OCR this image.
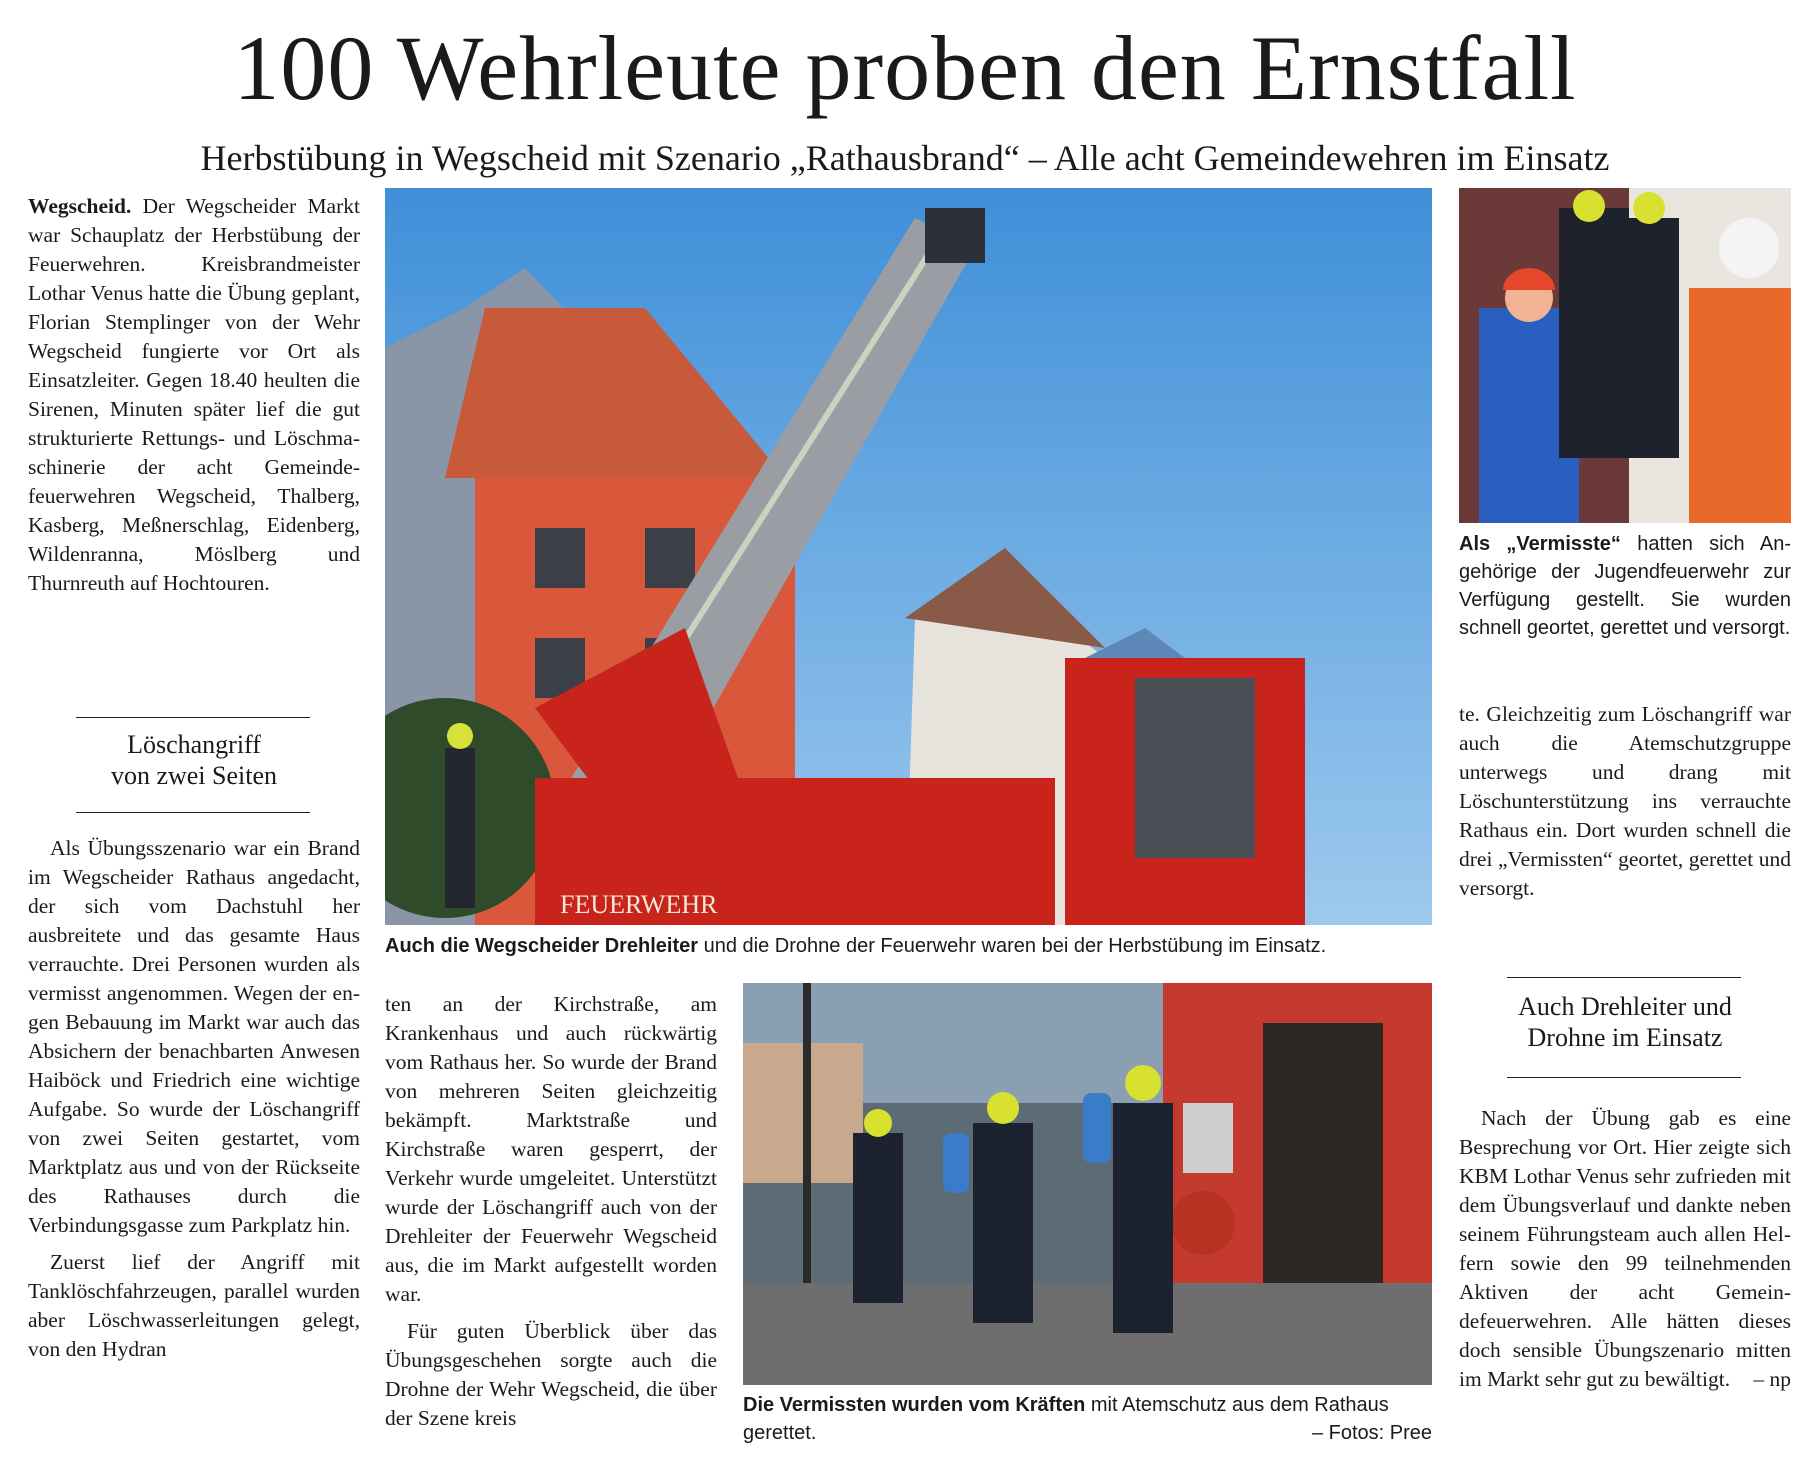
100 Wehrleute proben den Ernstfall
Herbstübung in Wegscheid mit Szenario „Rathausbrand“ – Alle acht Gemeindewehren im Einsatz

Wegscheid. Der Wegscheider Markt war Schauplatz der Herbstübung der Feuerwehren. Kreisbrandmeister Lothar Venus hatte die Übung geplant, Florian Stemplinger von der Wehr Wegscheid fungierte vor Ort als Einsatzleiter. Gegen 18.40 heulten die Sirenen, Minuten später lief die gut strukturierte Rettungs- und Löschmaschinerie der acht Gemeindefeuerwehren Wegscheid, Thalberg, Kasberg, Meßnerschlag, Eidenberg, Wildenranna, Möslberg und Thurnreuth auf Hochtouren.

Löschangriff
von zwei Seiten

Als Übungsszenario war ein Brand im Wegscheider Rathaus angedacht, der sich vom Dachstuhl her ausbreitete und das gesamte Haus verrauchte. Drei Personen wurden als vermisst angenommen. Wegen der engen Bebauung im Markt war auch das Absichern der benachbarten Anwesen Haiböck und Friedrich eine wichtige Aufgabe. So wurde der Löschangriff von zwei Seiten gestartet, vom Marktplatz aus und von der Rückseite des Rathauses durch die Verbindungsgasse zum Parkplatz hin.

Zuerst lief der Angriff mit Tanklöschfahrzeugen, parallel wurden aber Löschwasserleitungen gelegt, von den Hydran

FEUERWEHR
Auch die Wegscheider Drehleiter und die Drohne der Feuerwehr waren bei der Herbstübung im Einsatz.

ten an der Kirchstraße, am Krankenhaus und auch rückwärtig vom Rathaus her. So wurde der Brand von mehreren Seiten gleichzeitig bekämpft. Marktstraße und Kirchstraße waren gesperrt, der Verkehr wurde umgeleitet. Unterstützt wurde der Löschangriff auch von der Drehleiter der Feuerwehr Wegscheid aus, die im Markt aufgestellt worden war.

Für guten Überblick über das Übungsgeschehen sorgte auch die Drohne der Wehr Wegscheid, die über der Szene kreis

Die Vermissten wurden vom Kräften mit Atemschutz aus dem Rathaus gerettet.	– Fotos: Pree
Als „Vermisste“ hatten sich Angehörige der Jugendfeuerwehr zur Verfügung gestellt. Sie wurden schnell geortet, gerettet und versorgt.

te. Gleichzeitig zum Löschangriff war auch die Atemschutzgruppe unterwegs und drang mit Löschunterstützung ins verrauchte Rathaus ein. Dort wurden schnell die drei „Vermissten“ geortet, gerettet und versorgt.

Auch Drehleiter und
Drohne im Einsatz

Nach der Übung gab es eine Besprechung vor Ort. Hier zeigte sich KBM Lothar Venus sehr zufrieden mit dem Übungsverlauf und dankte neben seinem Führungsteam auch allen Helfern sowie den 99 teilnehmenden Aktiven der acht Gemeindefeuerwehren. Alle hätten dieses doch sensible Übungszenario mitten im Markt sehr gut zu bewältigt.	– np
